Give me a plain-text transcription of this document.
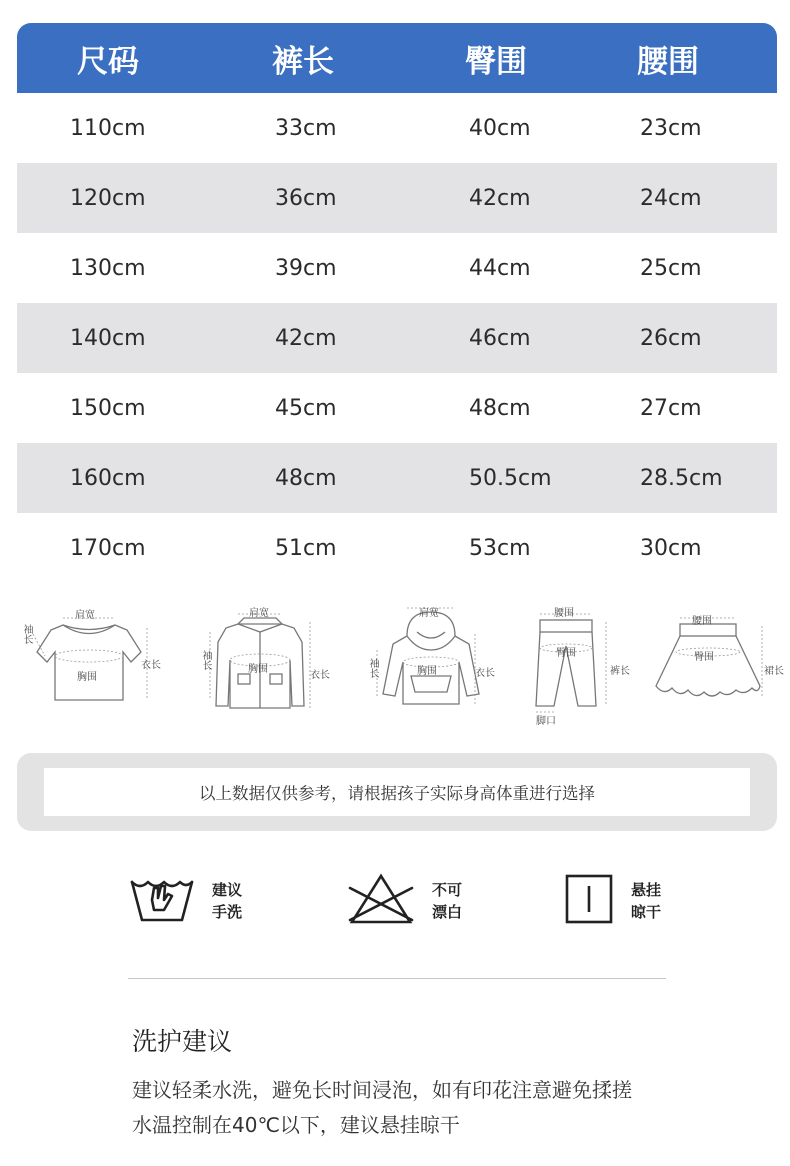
尺码	裤长	臀围	腰围
110cm	33cm	40cm	23cm
120cm	36cm	42cm	24cm
130cm	39cm	44cm	25cm
140cm	42cm	46cm	26cm
150cm	45cm	48cm	27cm
160cm	48cm	50.5cm	28.5cm
170cm	51cm	53cm	30cm
肩宽
袖长
胸围
衣长
肩宽
袖长	胸围
衣长
肩宽
袖长	胸围	衣长
腰围
臀围
裤长
脚口
腰围
臀围
裙长
以上数据仅供参考，请根据孩子实际身高体重进行选择
建议
手洗
不可
漂白
悬挂
晾干
洗护建议
建议轻柔水洗，避免长时间浸泡，如有印花注意避免揉搓
水温控制在40℃以下，建议悬挂晾干
